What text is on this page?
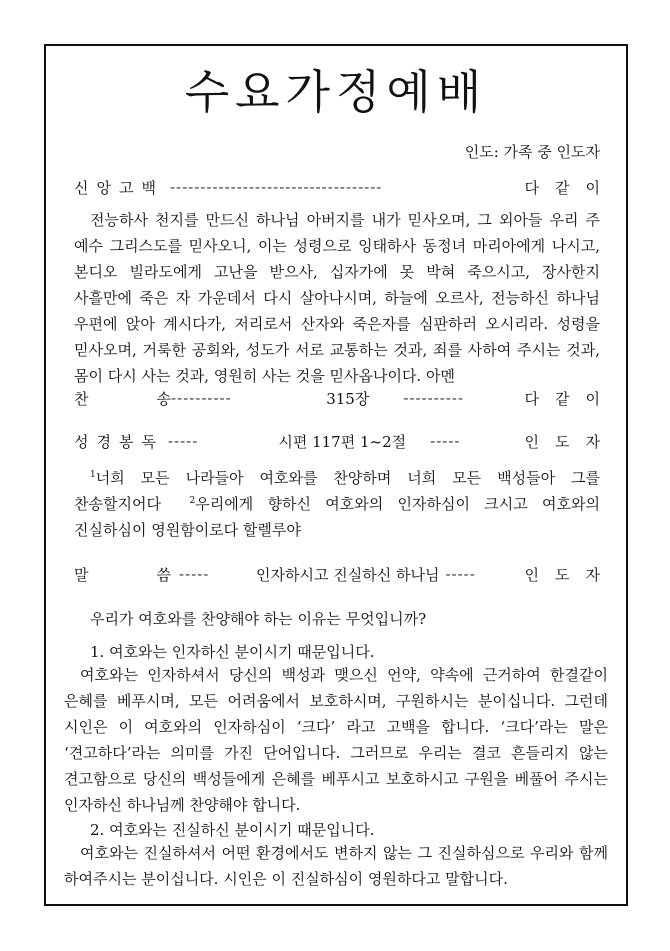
수요가정예배
인도: 가족 중 인도자
신앙고백 -----------------------------------	다같이

전능하사 천지를 만드신 하나님 아버지를 내가 믿사오며, 그 외아들 우리 주 예수 그리스도를 믿사오니, 이는 성령으로 잉태하사 동정녀 마리아에게 나시고, 본디오 빌라도에게 고난을 받으사, 십자가에 못 박혀 죽으시고, 장사한지 사흘만에 죽은 자 가운데서 다시 살아나시며, 하늘에 오르사, 전능하신 하나님 우편에 앉아 계시다가, 저리로서 산자와 죽은자를 심판하러 오시리라. 성령을 믿사오며, 거룩한 공회와, 성도가 서로 교통하는 것과, 죄를 사하여 주시는 것과, 몸이 다시 사는 것과, 영원히 사는 것을 믿사옵나이다. 아멘

찬	송 ----------	315장 ----------	다같이
성경봉독 -----	시편 117편 1~2절 -----	인도자

$^1$너희 모든 나라들아 여호와를 찬양하며 너희 모든 백성들아 그를 찬송할지어다	$^2$우리에게 향하신 여호와의 인자하심이 크시고 여호와의 진실하심이 영원함이로다 할렐루야

말	씀 -----	인자하시고 진실하신 하나님 -----	인도자

우리가 여호와를 찬양해야 하는 이유는 무엇입니까?

1. 여호와는 인자하신 분이시기 때문입니다.

여호와는 인자하셔서 당신의 백성과 맺으신 언약, 약속에 근거하여 한결같이 은혜를 베푸시며, 모든 어려움에서 보호하시며, 구원하시는 분이십니다. 그런데 시인은 이 여호와의 인자하심이 ‘크다’ 라고 고백을 합니다. ‘크다’라는 말은 ‘견고하다’라는 의미를 가진 단어입니다. 그러므로 우리는 결코 흔들리지 않는 견고함으로 당신의 백성들에게 은혜를 베푸시고 보호하시고 구원을 베풀어 주시는 인자하신 하나님께 찬양해야 합니다.

2. 여호와는 진실하신 분이시기 때문입니다.

여호와는 진실하셔서 어떤 환경에서도 변하지 않는 그 진실하심으로 우리와 함께 하여주시는 분이십니다. 시인은 이 진실하심이 영원하다고 말합니다.
